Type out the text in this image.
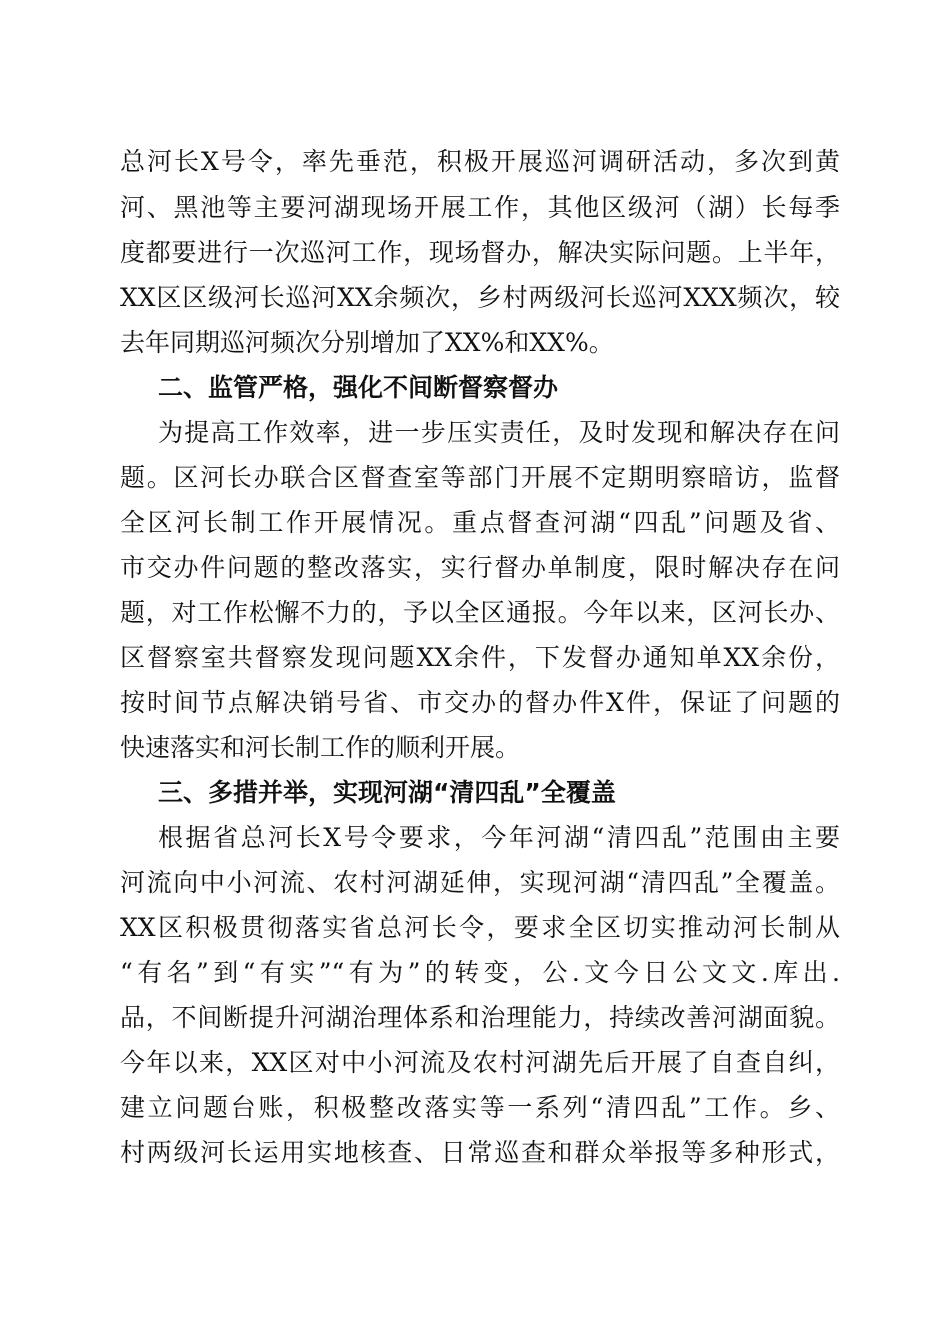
总河长X号令，率先垂范，积极开展巡河调研活动，多次到黄
河、黑池等主要河湖现场开展工作，其他区级河（湖）长每季
度都要进行一次巡河工作，现场督办，解决实际问题。上半年，
XX区区级河长巡河XX余频次，乡村两级河长巡河XXX频次，较
去年同期巡河频次分别增加了XX%和XX%。
二、监管严格，强化不间断督察督办
为提高工作效率，进一步压实责任，及时发现和解决存在问
题。区河长办联合区督查室等部门开展不定期明察暗访，监督
全区河长制工作开展情况。重点督查河湖“四乱”问题及省、
市交办件问题的整改落实，实行督办单制度，限时解决存在问
题，对工作松懈不力的，予以全区通报。今年以来，区河长办、
区督察室共督察发现问题XX余件，下发督办通知单XX余份，
按时间节点解决销号省、市交办的督办件X件，保证了问题的
快速落实和河长制工作的顺利开展。
三、多措并举，实现河湖“清四乱”全覆盖
根据省总河长X号令要求，今年河湖“清四乱”范围由主要
河流向中小河流、农村河湖延伸，实现河湖“清四乱”全覆盖。
XX区积极贯彻落实省总河长令，要求全区切实推动河长制从
“有名”到“有实”“有为”的转变，公.文今日公文文.库出.
品，不间断提升河湖治理体系和治理能力，持续改善河湖面貌。
今年以来，XX区对中小河流及农村河湖先后开展了自查自纠，
建立问题台账，积极整改落实等一系列“清四乱”工作。乡、
村两级河长运用实地核查、日常巡查和群众举报等多种形式，
